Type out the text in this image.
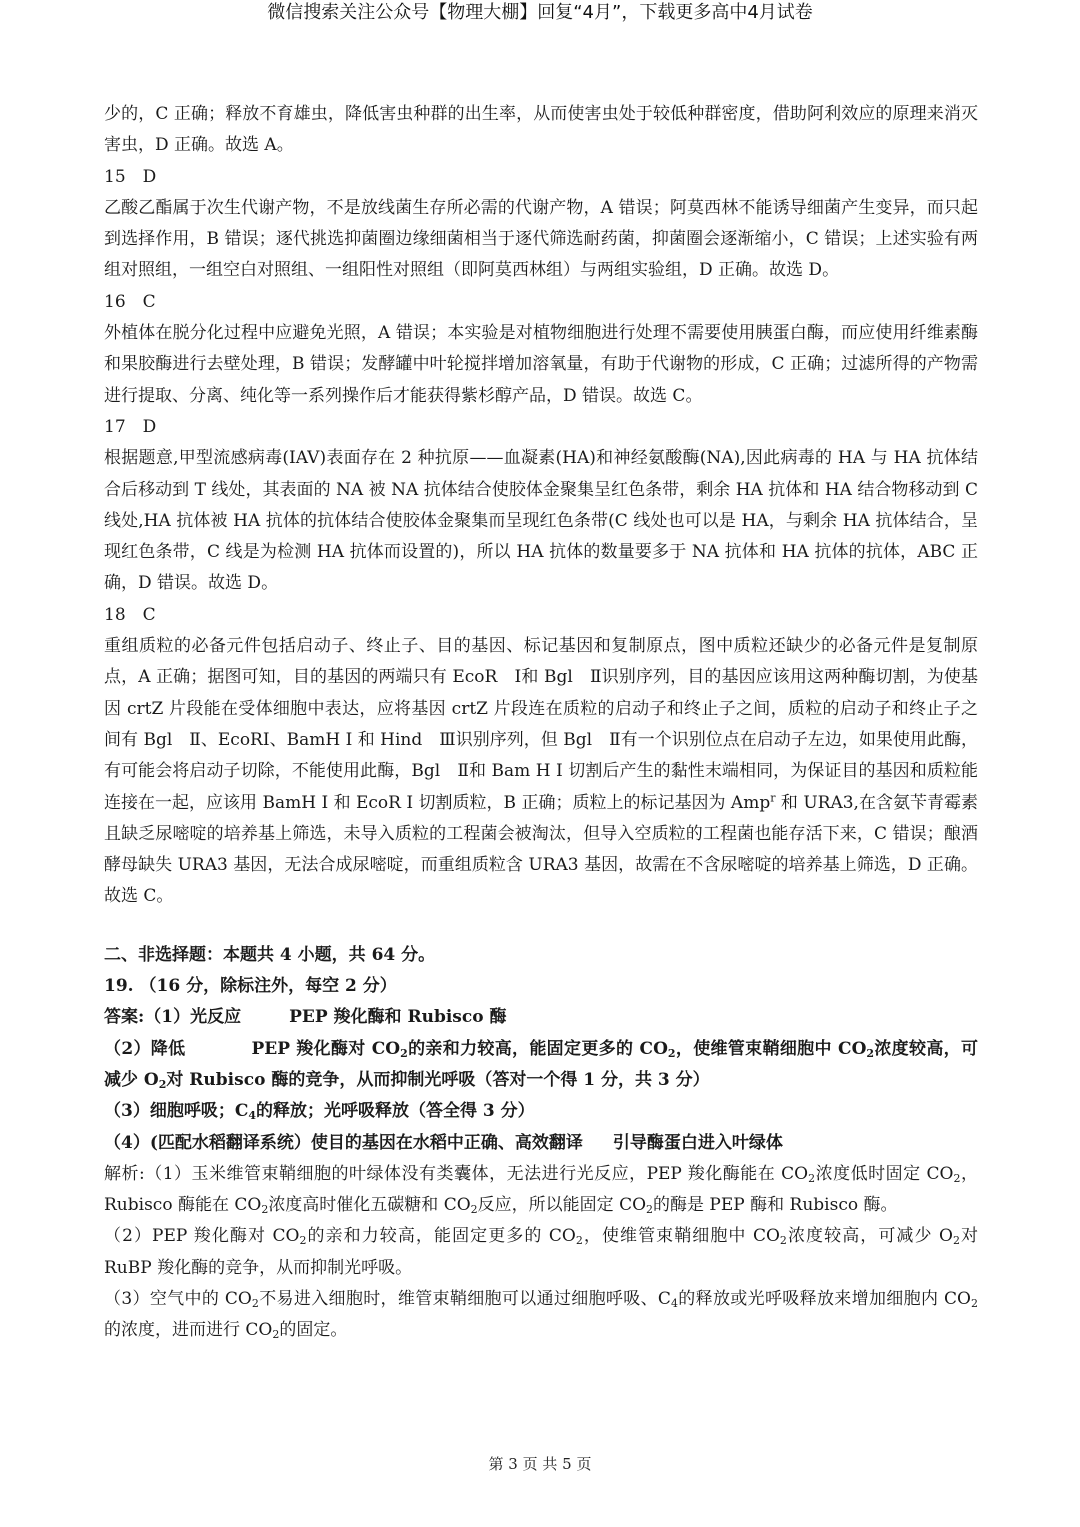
微信搜索关注公众号【物理大棚】回复“4月”，下载更多高中4月试卷

少的，C 正确；释放不育雄虫，降低害虫种群的出生率，从而使害虫处于较低种群密度，借助阿利效应的原理来消灭害虫，D 正确。故选 A。

15　D

乙酸乙酯属于次生代谢产物，不是放线菌生存所必需的代谢产物，A 错误；阿莫西林不能诱导细菌产生变异，而只起到选择作用，B 错误；逐代挑选抑菌圈边缘细菌相当于逐代筛选耐药菌，抑菌圈会逐渐缩小，C 错误；上述实验有两组对照组，一组空白对照组、一组阳性对照组（即阿莫西林组）与两组实验组，D 正确。故选 D。

16　C

外植体在脱分化过程中应避免光照，A 错误；本实验是对植物细胞进行处理不需要使用胰蛋白酶，而应使用纤维素酶和果胶酶进行去壁处理，B 错误；发酵罐中叶轮搅拌增加溶氧量，有助于代谢物的形成，C 正确；过滤所得的产物需进行提取、分离、纯化等一系列操作后才能获得紫杉醇产品，D 错误。故选 C。

17　D

根据题意,甲型流感病毒(IAV)表面存在 2 种抗原——血凝素(HA)和神经氨酸酶(NA),因此病毒的 HA 与 HA 抗体结合后移动到 T 线处，其表面的 NA 被 NA 抗体结合使胶体金聚集呈红色条带，剩余 HA 抗体和 HA 结合物移动到 C 线处,HA 抗体被 HA 抗体的抗体结合使胶体金聚集而呈现红色条带(C 线处也可以是 HA，与剩余 HA 抗体结合，呈现红色条带，C 线是为检测 HA 抗体而设置的)，所以 HA 抗体的数量要多于 NA 抗体和 HA 抗体的抗体，ABC 正确，D 错误。故选 D。

18　C

重组质粒的必备元件包括启动子、终止子、目的基因、标记基因和复制原点，图中质粒还缺少的必备元件是复制原点，A 正确；据图可知，目的基因的两端只有 EcoR　Ⅰ和 Bgl　Ⅱ识别序列，目的基因应该用这两种酶切割，为使基因 crtZ 片段能在受体细胞中表达，应将基因 crtZ 片段连在质粒的启动子和终止子之间，质粒的启动子和终止子之间有 Bgl　Ⅱ、EcoRI、BamH I 和 Hind　Ⅲ识别序列，但 Bgl　Ⅱ有一个识别位点在启动子左边，如果使用此酶，有可能会将启动子切除，不能使用此酶，Bgl　Ⅱ和 Bam H I 切割后产生的黏性末端相同，为保证目的基因和质粒能连接在一起，应该用 BamH I 和 EcoR I 切割质粒，B 正确；质粒上的标记基因为 Amp$^r$ 和 URA3,在含氨苄青霉素且缺乏尿嘧啶的培养基上筛选，未导入质粒的工程菌会被淘汰，但导入空质粒的工程菌也能存活下来，C 错误；酿酒酵母缺失 URA3 基因，无法合成尿嘧啶，而重组质粒含 URA3 基因，故需在不含尿嘧啶的培养基上筛选，D 正确。故选 C。

二、非选择题：本题共 4 小题，共 64 分。

19. （16 分，除标注外，每空 2 分）

答案:（1）光反应	PEP 羧化酶和 Rubisco 酶

（2）降低	PEP 羧化酶对 $CO_2$的亲和力较高，能固定更多的 $CO_2$，使维管束鞘细胞中 $CO_2$浓度较高，可减少 $O_2$对 Rubisco 酶的竞争，从而抑制光呼吸（答对一个得 1 分，共 3 分）

（3）细胞呼吸；$C_4$的释放；光呼吸释放（答全得 3 分）

（4）(匹配水稻翻译系统）使目的基因在水稻中正确、高效翻译 引导酶蛋白进入叶绿体

解析:（1）玉米维管束鞘细胞的叶绿体没有类囊体，无法进行光反应，PEP 羧化酶能在 $CO_2$浓度低时固定 $CO_2$，Rubisco 酶能在 $CO_2$浓度高时催化五碳糖和 $CO_2$反应，所以能固定 $CO_2$的酶是 PEP 酶和 Rubisco 酶。

（2）PEP 羧化酶对 $CO_2$的亲和力较高，能固定更多的 $CO_2$，使维管束鞘细胞中 $CO_2$浓度较高，可减少 $O_2$对 RuBP 羧化酶的竞争，从而抑制光呼吸。

（3）空气中的 $CO_2$不易进入细胞时，维管束鞘细胞可以通过细胞呼吸、$C_4$的释放或光呼吸释放来增加细胞内 $CO_2$的浓度，进而进行 $CO_2$的固定。

第 3 页 共 5 页
